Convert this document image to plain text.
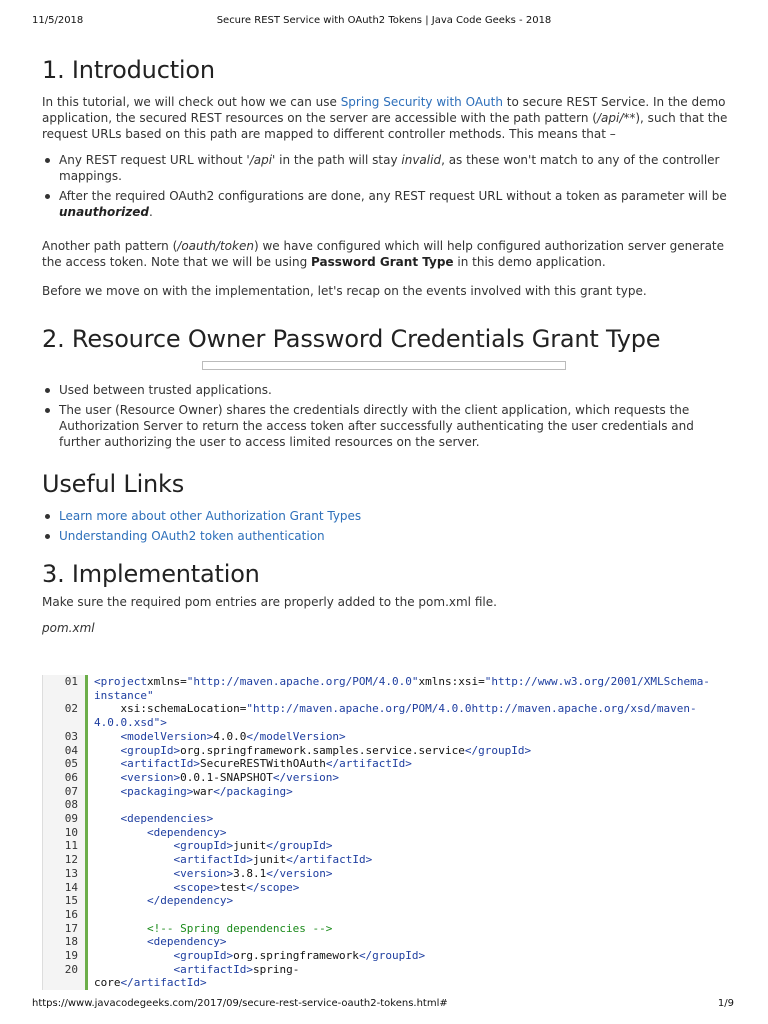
11/5/2018	Secure REST Service with OAuth2 Tokens | Java Code Geeks - 2018
1. Introduction

In this tutorial, we will check out how we can use Spring Security with OAuth to secure REST Service. In the demo application, the secured REST resources on the server are accessible with the path pattern (/api/**), such that the request URLs based on this path are mapped to different controller methods. This means that –

Any REST request URL without '/api' in the path will stay invalid, as these won't match to any of the controller mappings.
After the required OAuth2 configurations are done, any REST request URL without a token as parameter will be unauthorized.

Another path pattern (/oauth/token) we have configured which will help configured authorization server generate the access token. Note that we will be using Password Grant Type in this demo application.

Before we move on with the implementation, let's recap on the events involved with this grant type.

2. Resource Owner Password Credentials Grant Type
Used between trusted applications.
The user (Resource Owner) shares the credentials directly with the client application, which requests the Authorization Server to return the access token after successfully authenticating the user credentials and further authorizing the user to access limited resources on the server.
Useful Links
Learn more about other Authorization Grant Types
Understanding OAuth2 token authentication
3. Implementation

Make sure the required pom entries are properly added to the pom.xml file.

pom.xml

01	<projectxmlns="http://maven.apache.org/POM/4.0.0"xmlns:xsi="http://www.w3.org/2001/XMLSchema-
instance"
02	xsi:schemaLocation="http://maven.apache.org/POM/4.0.0http://maven.apache.org/xsd/maven-
4.0.0.xsd">
03	<modelVersion>4.0.0</modelVersion>
04	<groupId>org.springframework.samples.service.service</groupId>
05	<artifactId>SecureRESTWithOAuth</artifactId>
06	<version>0.0.1-SNAPSHOT</version>
07	<packaging>war</packaging>
08

09	<dependencies>
10	<dependency>
11	<groupId>junit</groupId>
12	<artifactId>junit</artifactId>
13	<version>3.8.1</version>
14	<scope>test</scope>
15	</dependency>
16

17	<!-- Spring dependencies -->
18	<dependency>
19	<groupId>org.springframework</groupId>
20	<artifactId>spring-
core</artifactId>
https://www.javacodegeeks.com/2017/09/secure-rest-service-oauth2-tokens.html#	1/9
